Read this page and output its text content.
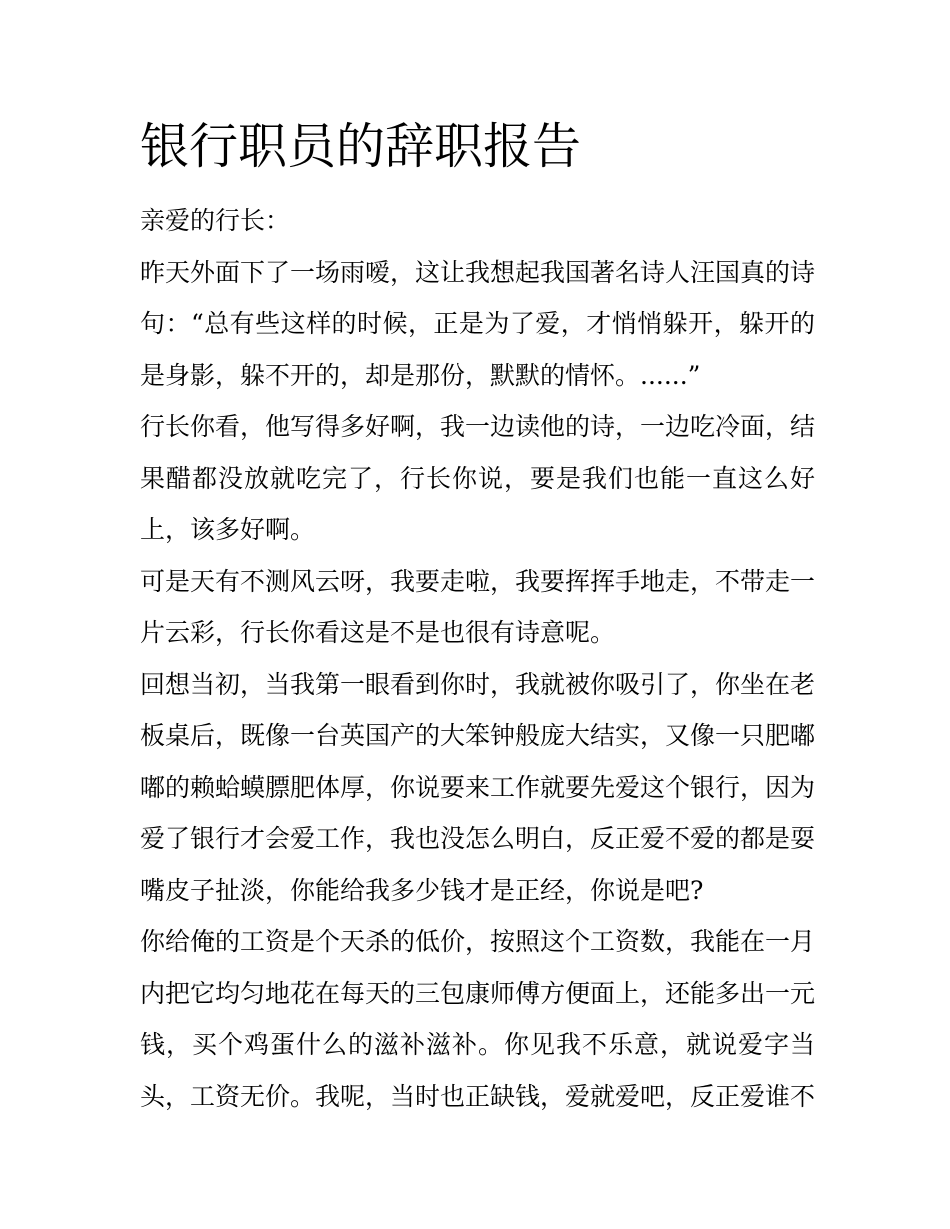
银行职员的辞职报告

亲爱的行长：

昨天外面下了一场雨嗳，这让我想起我国著名诗人汪国真的诗句：“总有些这样的时候，正是为了爱，才悄悄躲开，躲开的是身影，躲不开的，却是那份，默默的情怀。......”

行长你看，他写得多好啊，我一边读他的诗，一边吃冷面，结果醋都没放就吃完了，行长你说，要是我们也能一直这么好上，该多好啊。

可是天有不测风云呀，我要走啦，我要挥挥手地走，不带走一片云彩，行长你看这是不是也很有诗意呢。

回想当初，当我第一眼看到你时，我就被你吸引了，你坐在老板桌后，既像一台英国产的大笨钟般庞大结实，又像一只肥嘟嘟的赖蛤蟆膘肥体厚，你说要来工作就要先爱这个银行，因为爱了银行才会爱工作，我也没怎么明白，反正爱不爱的都是耍嘴皮子扯淡，你能给我多少钱才是正经，你说是吧?

你给俺的工资是个天杀的低价，按照这个工资数，我能在一月内把它均匀地花在每天的三包康师傅方便面上，还能多出一元钱，买个鸡蛋什么的滋补滋补。你见我不乐意，就说爱字当头，工资无价。我呢，当时也正缺钱，爱就爱吧，反正爱谁不
